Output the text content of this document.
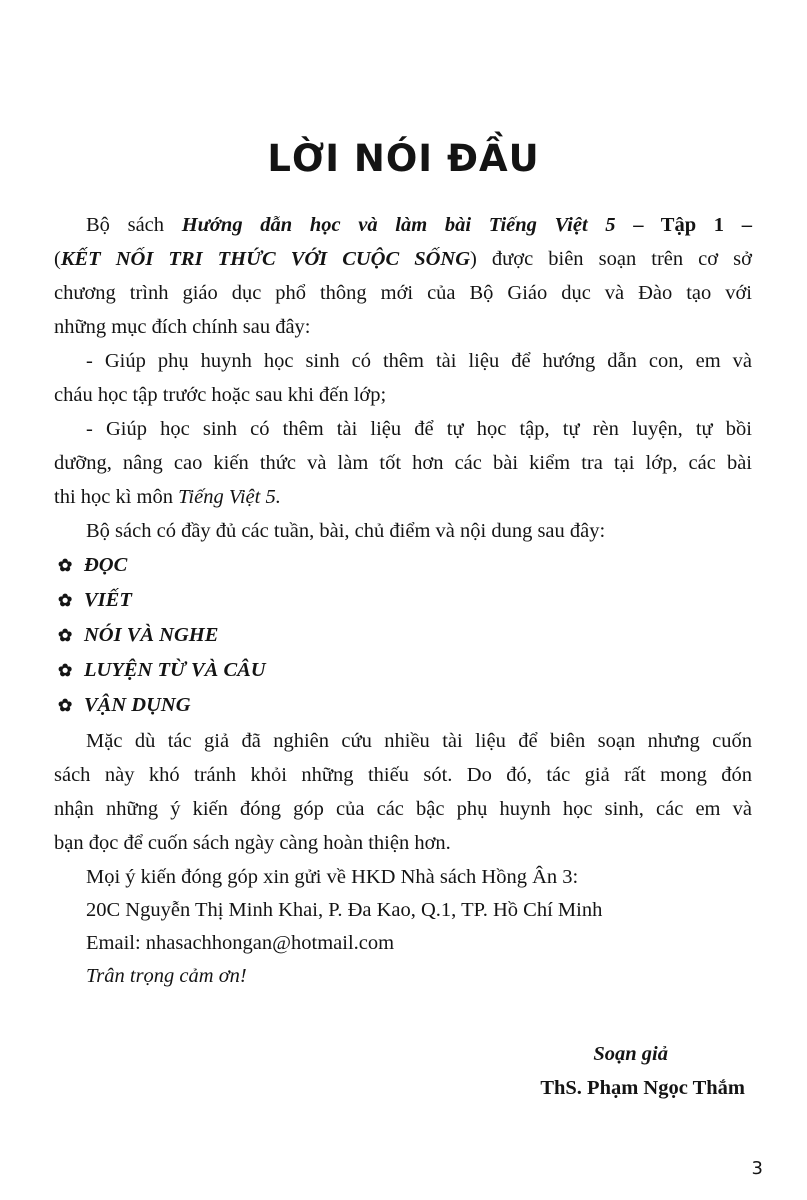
LỜI NÓI ĐẦU
Bộ sách Hướng dẫn học và làm bài Tiếng Việt 5 – Tập 1 –
(KẾT NỐI TRI THỨC VỚI CUỘC SỐNG) được biên soạn trên cơ sở
chương trình giáo dục phổ thông mới của Bộ Giáo dục và Đào tạo với
những mục đích chính sau đây:
- Giúp phụ huynh học sinh có thêm tài liệu để hướng dẫn con, em và
cháu học tập trước hoặc sau khi đến lớp;
- Giúp học sinh có thêm tài liệu để tự học tập, tự rèn luyện, tự bồi
dưỡng, nâng cao kiến thức và làm tốt hơn các bài kiểm tra tại lớp, các bài
thi học kì môn Tiếng Việt 5.
Bộ sách có đầy đủ các tuần, bài, chủ điểm và nội dung sau đây:
✿ ĐỌC
✿ VIẾT
✿ NÓI VÀ NGHE
✿ LUYỆN TỪ VÀ CÂU
✿ VẬN DỤNG
Mặc dù tác giả đã nghiên cứu nhiều tài liệu để biên soạn nhưng cuốn
sách này khó tránh khỏi những thiếu sót. Do đó, tác giả rất mong đón
nhận những ý kiến đóng góp của các bậc phụ huynh học sinh, các em và
bạn đọc để cuốn sách ngày càng hoàn thiện hơn.
Mọi ý kiến đóng góp xin gửi về HKD Nhà sách Hồng Ân 3:
20C Nguyễn Thị Minh Khai, P. Đa Kao, Q.1, TP. Hồ Chí Minh
Email: nhasachhongan@hotmail.com
Trân trọng cảm ơn!
Soạn giả
ThS. Phạm Ngọc Thắm
3
